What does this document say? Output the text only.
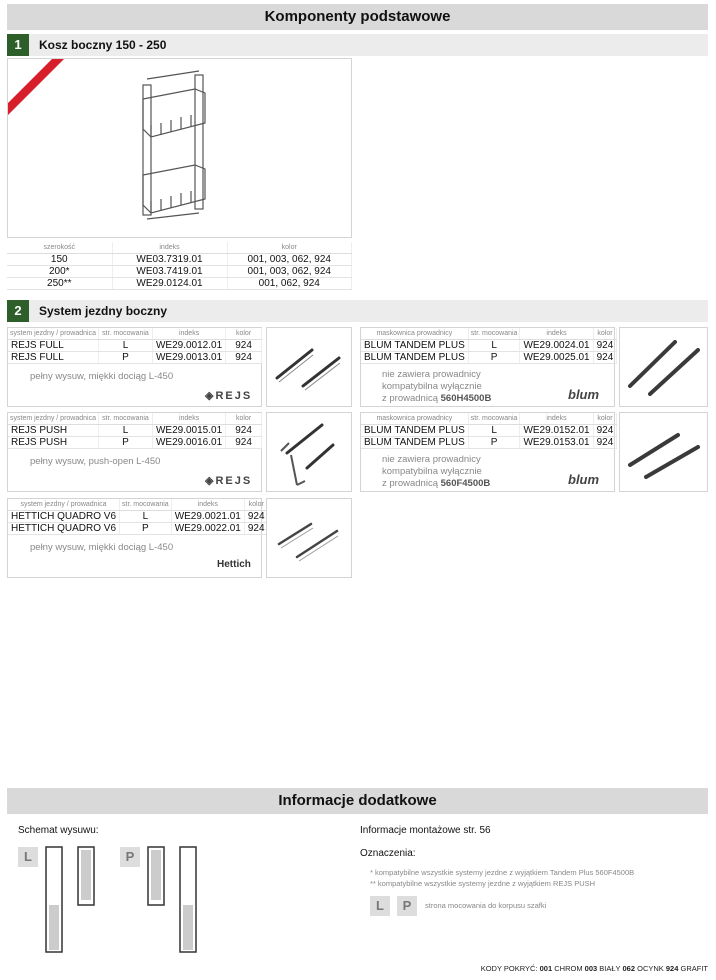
Komponenty podstawowe
1 Kosz boczny 150 - 250
NOWY KOLOR
szerokość	indeks	kolor
150	WE03.7319.01	001, 003, 062, 924
200*	WE03.7419.01	001, 003, 062, 924
250**	WE29.0124.01	001, 062, 924
2 System jezdny boczny
system jezdny / prowadnica	str. mocowania	indeks	kolor
REJS FULL	L	WE29.0012.01	924
REJS FULL	P	WE29.0013.01	924
pełny wysuw, miękki dociąg L-450
◈REJS
system jezdny / prowadnica	str. mocowania	indeks	kolor
REJS PUSH	L	WE29.0015.01	924
REJS PUSH	P	WE29.0016.01	924
pełny wysuw, push-open L-450
◈REJS
system jezdny / prowadnica	str. mocowania	indeks	kolor
HETTICH QUADRO V6	L	WE29.0021.01	924
HETTICH QUADRO V6	P	WE29.0022.01	924
pełny wysuw, miękki dociąg L-450
Hettich
maskownica prowadnicy	str. mocowania	indeks	kolor
BLUM TANDEM PLUS	L	WE29.0024.01	924
BLUM TANDEM PLUS	P	WE29.0025.01	924
nie zawiera prowadnicy
kompatybilna wyłącznie
z prowadnicą 560H4500B	blum
maskownica prowadnicy	str. mocowania	indeks	kolor
BLUM TANDEM PLUS	L	WE29.0152.01	924
BLUM TANDEM PLUS	P	WE29.0153.01	924
nie zawiera prowadnicy
kompatybilna wyłącznie
z prowadnicą 560F4500B	blum
Informacje dodatkowe
Schemat wysuwu:
L	P
Informacje montażowe str. 56
Oznaczenia:
* kompatybilne wszystkie systemy jezdne z wyjątkiem Tandem Plus 560F4500B
** kompatybilne wszystkie systemy jezdne z wyjątkiem REJS PUSH
L	P	strona mocowania do korpusu szafki
KODY POKRYĆ: 001 CHROM 003 BIAŁY 062 OCYNK 924 GRAFIT
